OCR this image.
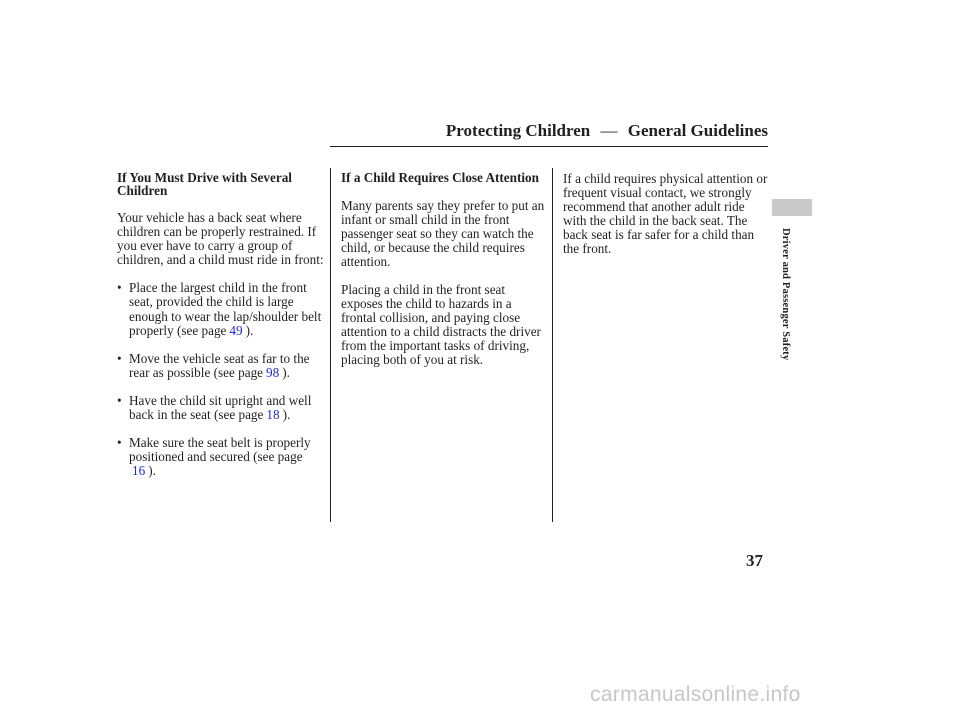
Protecting Children — General Guidelines

If You Must Drive with Several Children

Your vehicle has a back seat where children can be properly restrained. If you ever have to carry a group of children, and a child must ride in front:

• Place the largest child in the front seat, provided the child is large enough to wear the lap/shoulder belt properly (see page 49 ).
• Move the vehicle seat as far to the rear as possible (see page 98 ).
• Have the child sit upright and well back in the seat (see page 18 ).
• Make sure the seat belt is properly positioned and secured (see page 16 ).

If a Child Requires Close Attention

Many parents say they prefer to put an infant or small child in the front passenger seat so they can watch the child, or because the child requires attention.

Placing a child in the front seat exposes the child to hazards in a frontal collision, and paying close attention to a child distracts the driver from the important tasks of driving, placing both of you at risk.

If a child requires physical attention or frequent visual contact, we strongly recommend that another adult ride with the child in the back seat. The back seat is far safer for a child than the front.	Driver and Passenger Safety
37
carmanualsonline.info
